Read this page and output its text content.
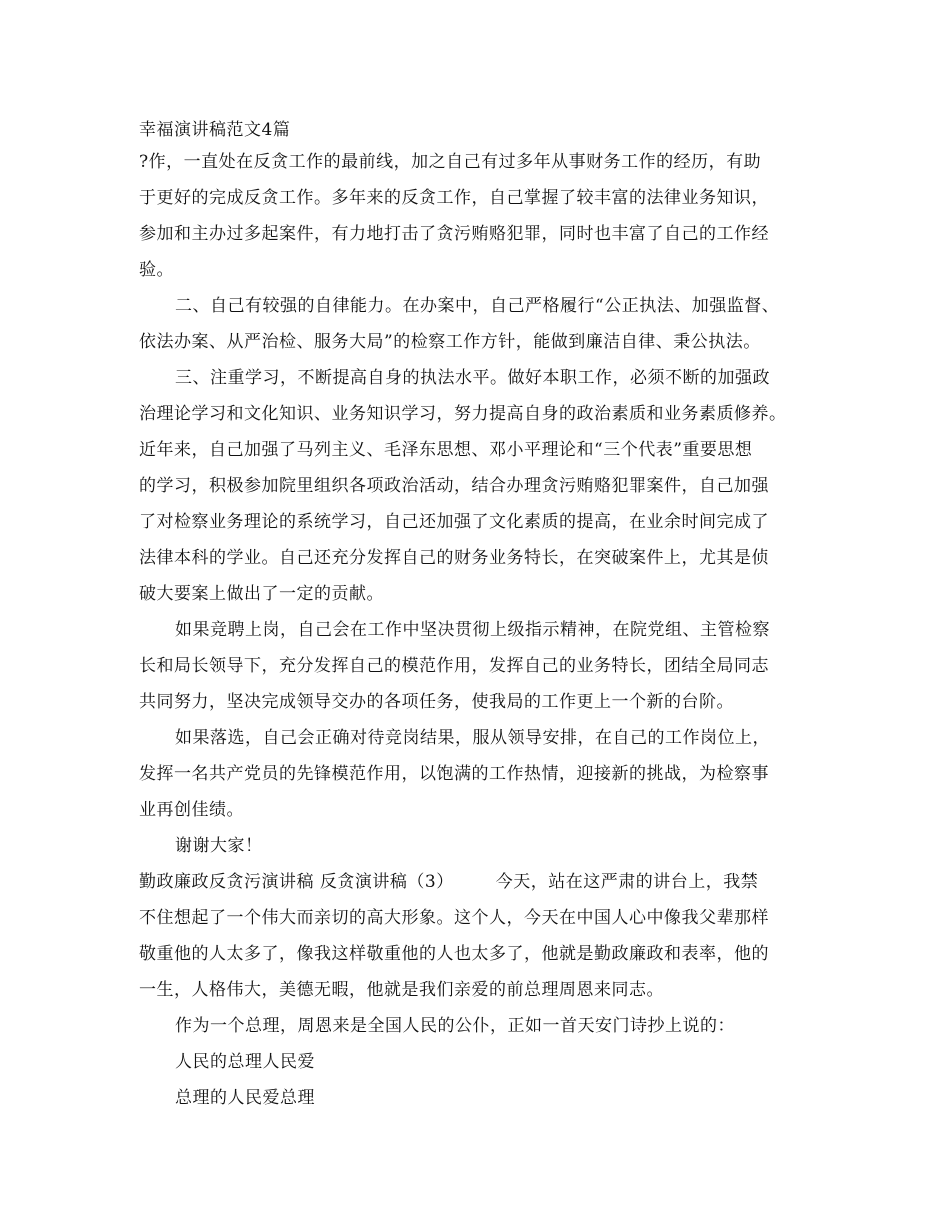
幸福演讲稿范文4篇
?作，一直处在反贪工作的最前线，加之自己有过多年从事财务工作的经历，有助
于更好的完成反贪工作。多年来的反贪工作，自己掌握了较丰富的法律业务知识，
参加和主办过多起案件，有力地打击了贪污贿赂犯罪，同时也丰富了自己的工作经
验。
二、自己有较强的自律能力。在办案中，自己严格履行“公正执法、加强监督、
依法办案、从严治检、服务大局”的检察工作方针，能做到廉洁自律、秉公执法。
三、注重学习，不断提高自身的执法水平。做好本职工作，必须不断的加强政
治理论学习和文化知识、业务知识学习，努力提高自身的政治素质和业务素质修养。
近年来，自己加强了马列主义、毛泽东思想、邓小平理论和“三个代表”重要思想
的学习，积极参加院里组织各项政治活动，结合办理贪污贿赂犯罪案件，自己加强
了对检察业务理论的系统学习，自己还加强了文化素质的提高，在业余时间完成了
法律本科的学业。自己还充分发挥自己的财务业务特长，在突破案件上，尤其是侦
破大要案上做出了一定的贡献。
如果竞聘上岗，自己会在工作中坚决贯彻上级指示精神，在院党组、主管检察
长和局长领导下，充分发挥自己的模范作用，发挥自己的业务特长，团结全局同志
共同努力，坚决完成领导交办的各项任务，使我局的工作更上一个新的台阶。
如果落选，自己会正确对待竞岗结果，服从领导安排，在自己的工作岗位上，
发挥一名共产党员的先锋模范作用，以饱满的工作热情，迎接新的挑战，为检察事
业再创佳绩。
谢谢大家！
勤政廉政反贪污演讲稿 反贪演讲稿（3） 今天，站在这严肃的讲台上，我禁
不住想起了一个伟大而亲切的高大形象。这个人，今天在中国人心中像我父辈那样
敬重他的人太多了，像我这样敬重他的人也太多了，他就是勤政廉政和表率，他的
一生，人格伟大，美德无暇，他就是我们亲爱的前总理周恩来同志。
作为一个总理，周恩来是全国人民的公仆，正如一首天安门诗抄上说的：
人民的总理人民爱
总理的人民爱总理
